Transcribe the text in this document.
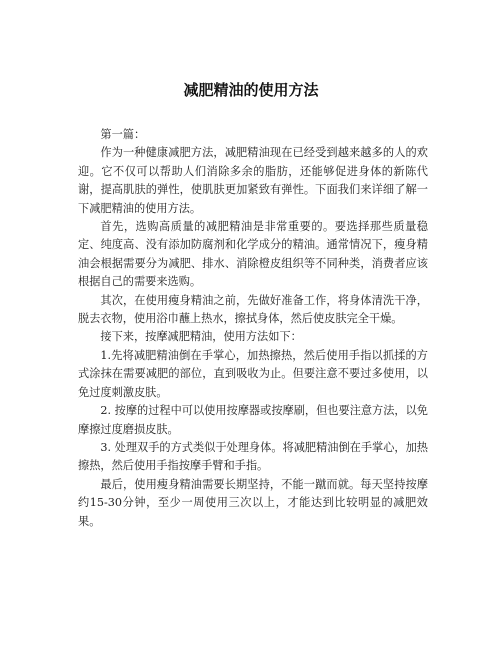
减肥精油的使用方法

第一篇：

作为一种健康减肥方法，减肥精油现在已经受到越来越多的人的欢迎。它不仅可以帮助人们消除多余的脂肪，还能够促进身体的新陈代谢，提高肌肤的弹性，使肌肤更加紧致有弹性。下面我们来详细了解一下减肥精油的使用方法。

首先，选购高质量的减肥精油是非常重要的。要选择那些质量稳定、纯度高、没有添加防腐剂和化学成分的精油。通常情况下，瘦身精油会根据需要分为减肥、排水、消除橙皮组织等不同种类，消费者应该根据自己的需要来选购。

其次，在使用瘦身精油之前，先做好准备工作，将身体清洗干净，脱去衣物，使用浴巾蘸上热水，擦拭身体，然后使皮肤完全干燥。

接下来，按摩减肥精油，使用方法如下：

1.先将减肥精油倒在手掌心，加热擦热，然后使用手指以抓揉的方式涂抹在需要减肥的部位，直到吸收为止。但要注意不要过多使用，以免过度刺激皮肤。

2. 按摩的过程中可以使用按摩器或按摩刷，但也要注意方法，以免摩擦过度磨损皮肤。

3. 处理双手的方式类似于处理身体。将减肥精油倒在手掌心，加热擦热，然后使用手指按摩手臂和手指。

最后，使用瘦身精油需要长期坚持，不能一蹴而就。每天坚持按摩约15-30分钟，至少一周使用三次以上，才能达到比较明显的减肥效果。
